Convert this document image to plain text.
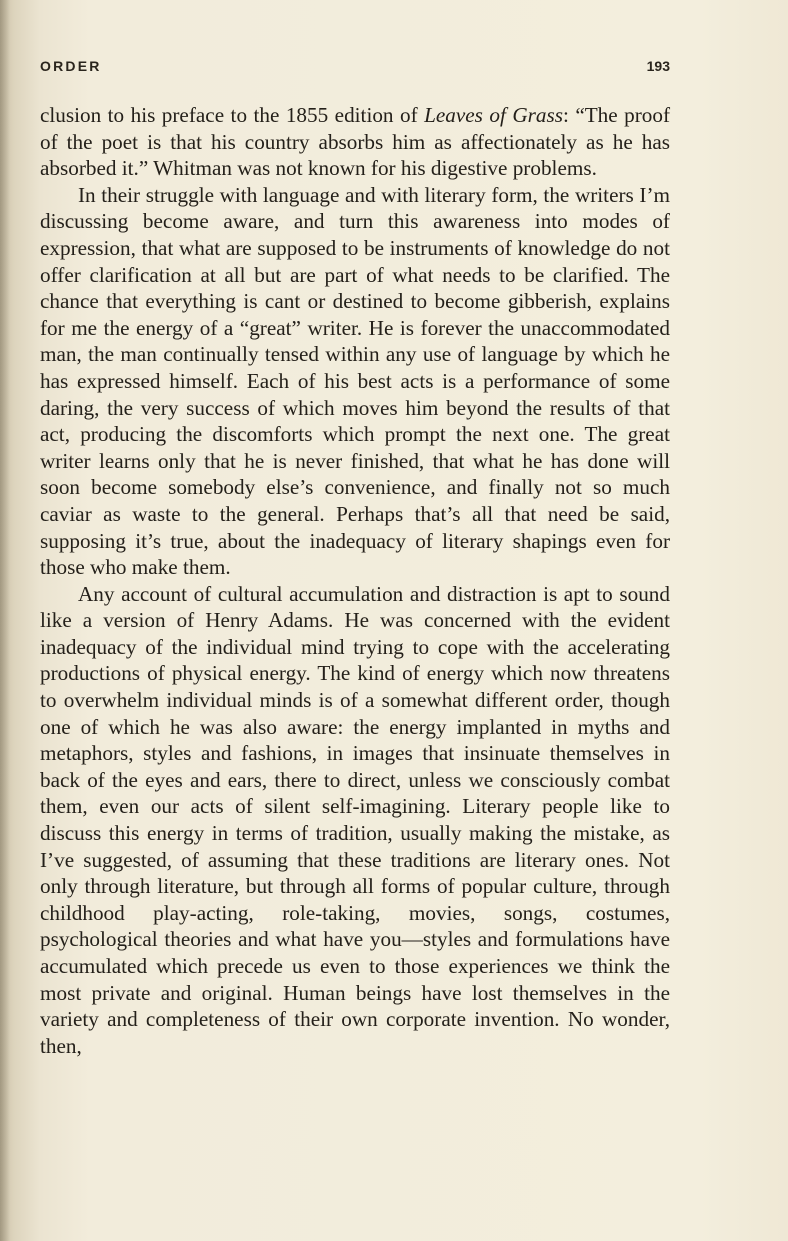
ORDER	193

clusion to his preface to the 1855 edition of Leaves of Grass: “The proof of the poet is that his country absorbs him as affectionately as he has absorbed it.” Whitman was not known for his digestive problems.

In their struggle with language and with literary form, the writers I’m discussing become aware, and turn this awareness into modes of expression, that what are supposed to be instruments of knowledge do not offer clarification at all but are part of what needs to be clarified. The chance that everything is cant or destined to become gibberish, explains for me the energy of a “great” writer. He is forever the unaccommodated man, the man continually tensed within any use of language by which he has expressed himself. Each of his best acts is a performance of some daring, the very success of which moves him beyond the results of that act, producing the discomforts which prompt the next one. The great writer learns only that he is never finished, that what he has done will soon become somebody else’s convenience, and finally not so much caviar as waste to the general. Perhaps that’s all that need be said, supposing it’s true, about the inadequacy of literary shapings even for those who make them.

Any account of cultural accumulation and distraction is apt to sound like a version of Henry Adams. He was concerned with the evident inadequacy of the individual mind trying to cope with the accelerating productions of physical energy. The kind of energy which now threatens to overwhelm individual minds is of a somewhat different order, though one of which he was also aware: the energy implanted in myths and metaphors, styles and fashions, in images that insinuate themselves in back of the eyes and ears, there to direct, unless we consciously combat them, even our acts of silent self-imagining. Literary people like to discuss this energy in terms of tradition, usually making the mistake, as I’ve suggested, of assuming that these traditions are literary ones. Not only through literature, but through all forms of popular culture, through childhood play-acting, role-taking, movies, songs, costumes, psychological theories and what have you—styles and formulations have accumulated which precede us even to those experiences we think the most private and original. Human beings have lost themselves in the variety and completeness of their own corporate invention. No wonder, then,
